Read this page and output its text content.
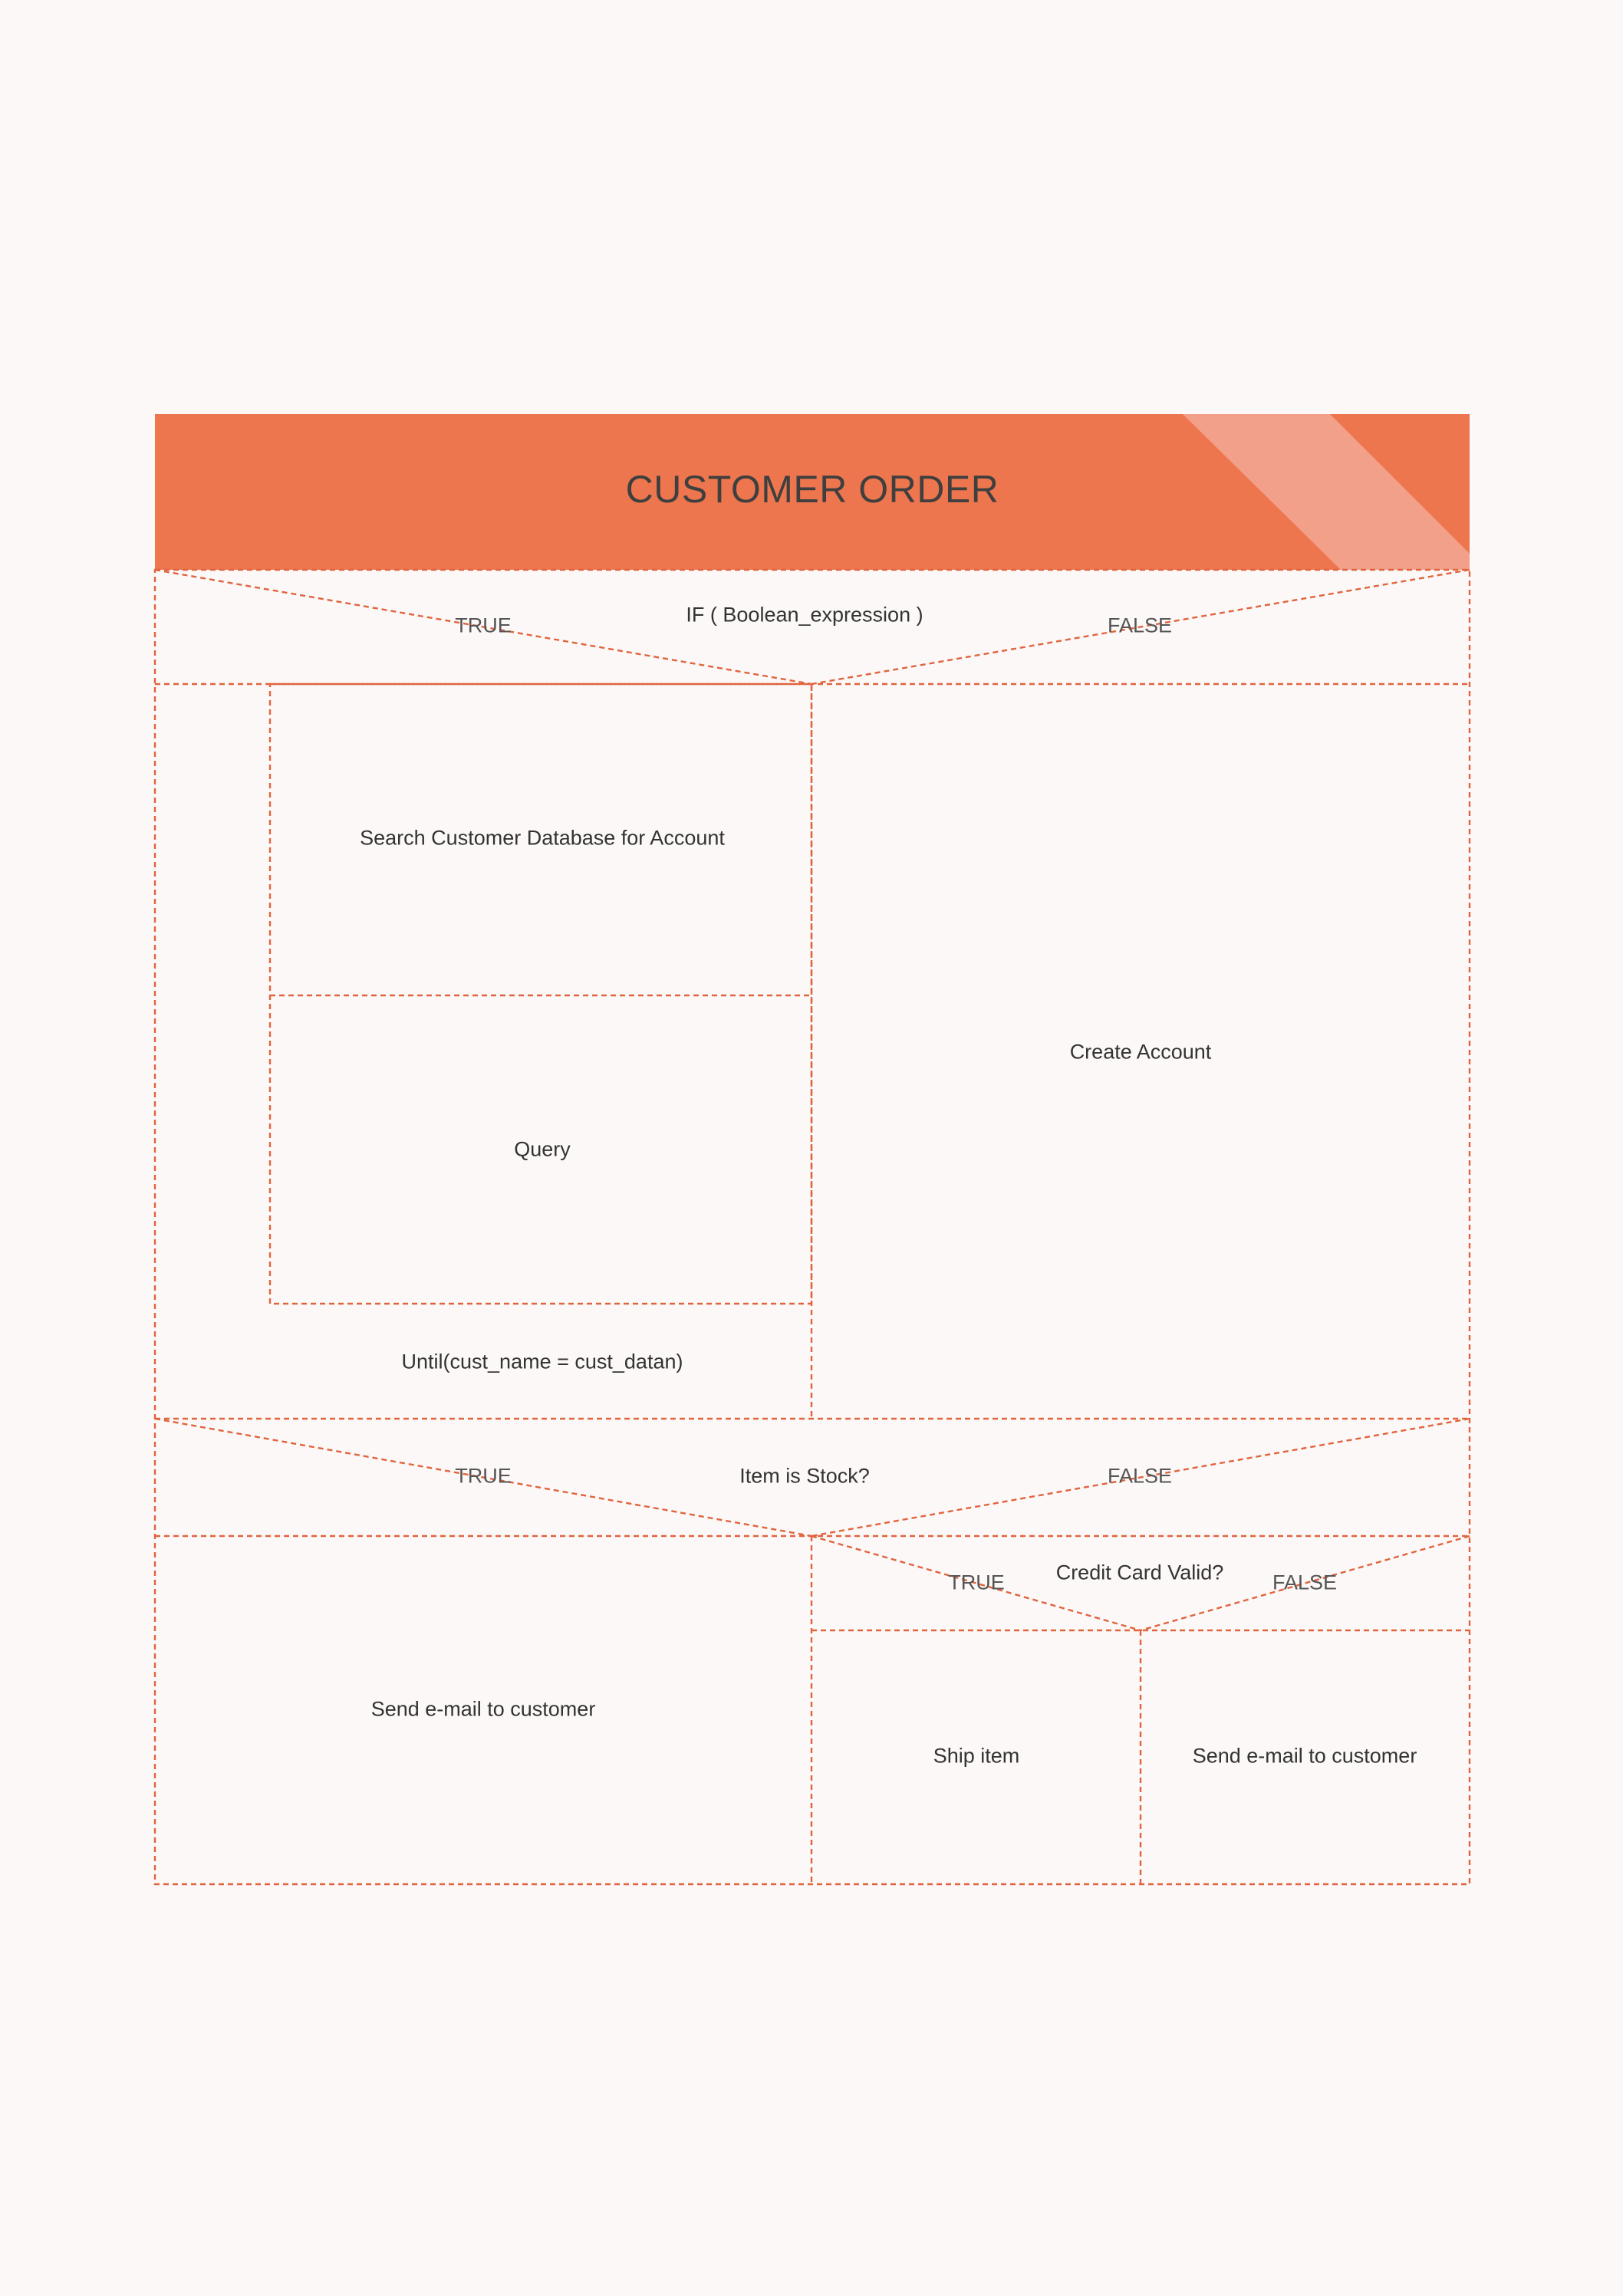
CUSTOMER ORDER
IF ( Boolean_expression )
TRUE	FALSE
Search Customer Database for Account
Query
Until(cust_name = cust_datan)
Create Account
Item is Stock?
TRUE	FALSE
Send e-mail to customer
Credit Card Valid?
TRUE	FALSE
Ship item	Send e-mail to customer
